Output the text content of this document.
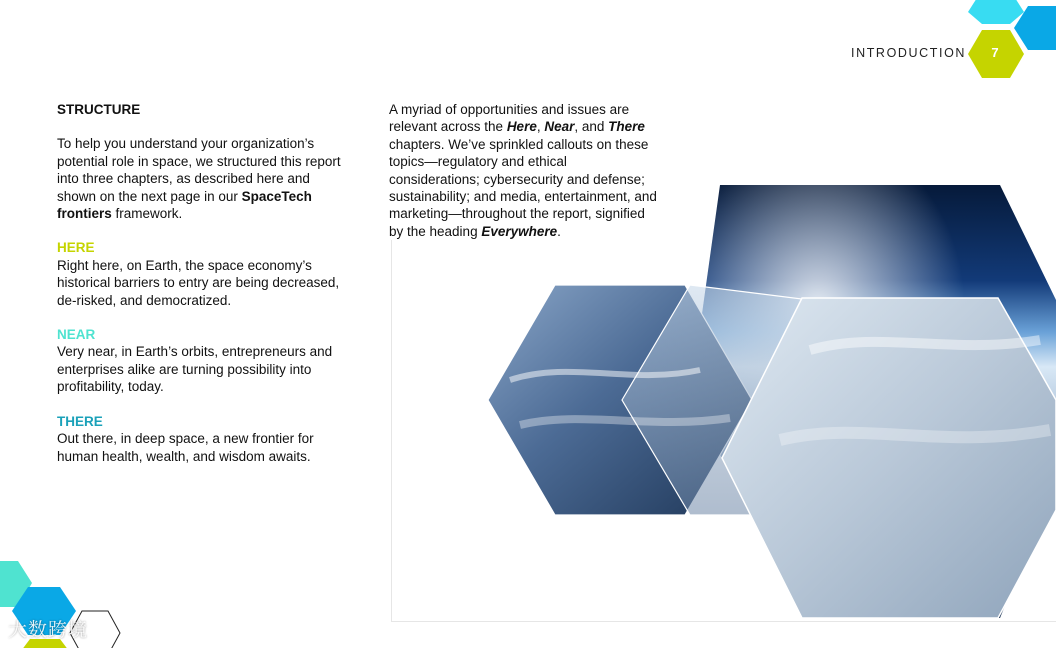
INTRODUCTION	7

STRUCTURE

To help you understand your organization’s potential role in space, we structured this report into three chapters, as described here and shown on the next page in our SpaceTech frontiers framework.

HERE

Right here, on Earth, the space economy’s historical barriers to entry are being decreased, de-risked, and democratized.

NEAR

Very near, in Earth’s orbits, entrepreneurs and enterprises alike are turning possibility into profitability, today.

THERE

Out there, in deep space, a new frontier for human health, wealth, and wisdom awaits.

A myriad of opportunities and issues are relevant across the Here, Near, and There chapters. We’ve sprinkled callouts on these topics—regulatory and ethical considerations; cybersecurity and defense; sustainability; and media, entertainment, and marketing—throughout the report, signified by the heading Everywhere.
大数跨境
